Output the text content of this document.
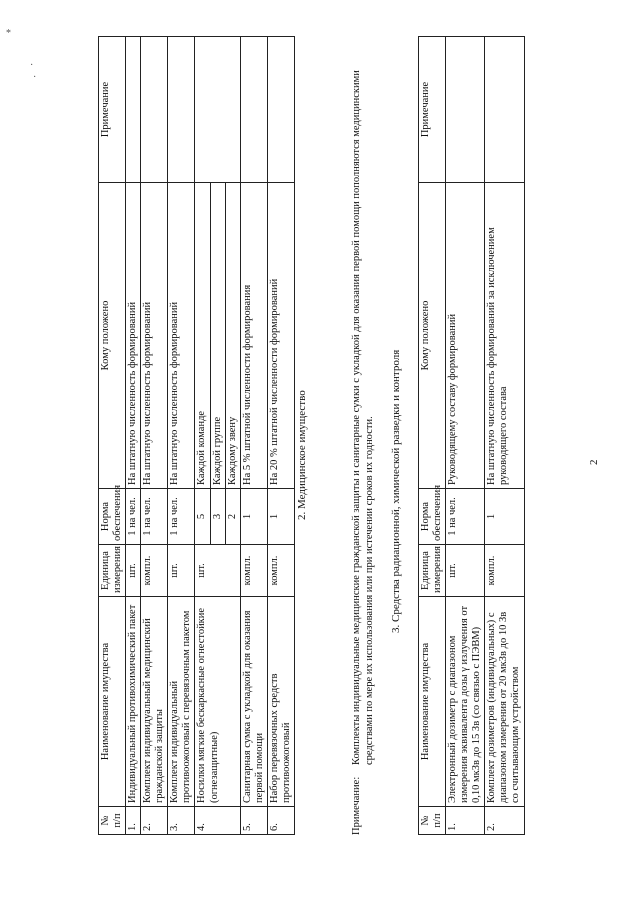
*
·
·
2
2. Медицинское имущество
№ п/п	Наименование имущества	Единица измерения	Норма обеспечения	Кому положено	Примечание
1.	Индивидуальный противохимический пакет	шт.	1 на чел.	На штатную численность формирований	
2.	Комплект индивидуальный медицинский гражданской защиты	компл.	1 на чел.	На штатную численность формирований	
3.	Комплект индивидуальный противоожоговый с перевязочным пакетом	шт.	1 на чел.	На штатную численность формирований	
4.	Носилки мягкие бескаркасные огнестойкие (огнезащитные)	шт.	5	Каждой команде	
			3	Каждой группе	
			2	Каждому звену	
5.	Санитарная сумка с укладкой для оказания первой помощи	компл.	1	На 5 % штатной численности формирования	
6.	Набор перевязочных средств противоожоговый	компл.	1	На 20 % штатной численности формирований	
Примечание:
Комплекты индивидуальные медицинские гражданской защиты и санитарные сумки с укладкой для оказания первой помощи пополняются медицинскими средствами по мере их использования или при истечении сроков их годности. 3. Средства радиационной, химической разведки и контроля
№ п/п	Наименование имущества	Единица измерения	Норма обеспечения	Кому положено	Примечание
1.	Электронный дозиметр с диапазоном измерения эквивалента дозы γ излучения от 0,10 мкЗв до 15 Зв (со связью с ПЭВМ)	шт.	1 на чел.	Руководящему составу формирований	
2.	Комплект дозиметров (индивидуальных) с диапазоном измерения от 20 мкЗв до 10 Зв со считывающим устройством	компл.	1	На штатную численность формирований за исключением руководящего состава	
